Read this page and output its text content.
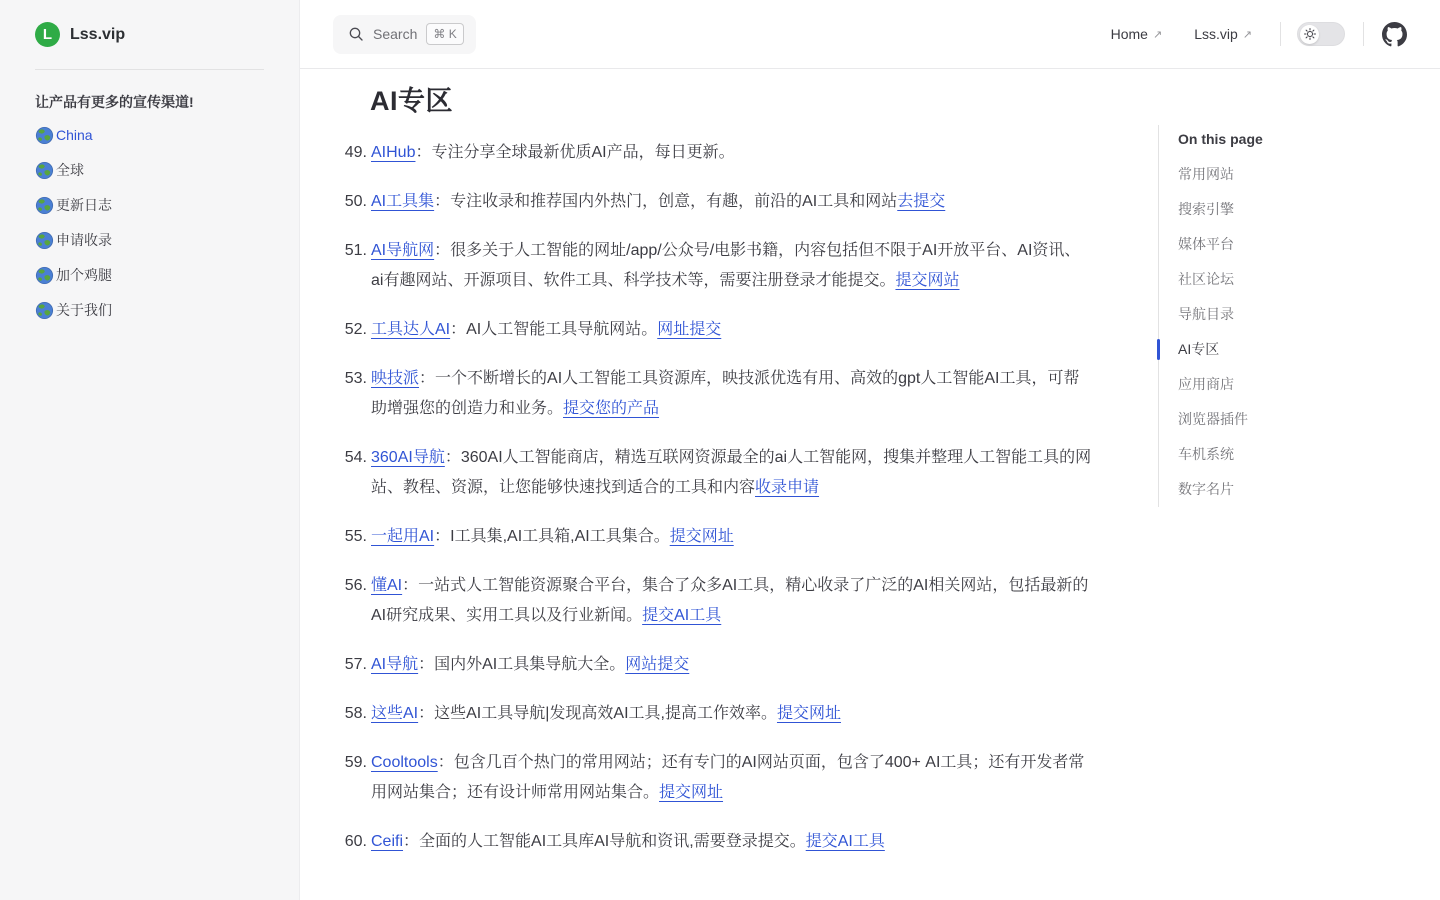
L	Lss.vip

让产品有更多的宣传渠道!

China
全球
更新日志
申请收录
加个鸡腿
关于我们
Search	⌘ K	Home ↗ Lss.vip ↗
AI专区
49. AIHub：专注分享全球最新优质AI产品，每日更新。
50. AI工具集：专注收录和推荐国内外热门，创意，有趣，前沿的AI工具和网站去提交
51. AI导航网：很多关于人工智能的网址/app/公众号/电影书籍，内容包括但不限于AI开放平台、AI资讯、ai有趣网站、开源项目、软件工具、科学技术等，需要注册登录才能提交。提交网站
52. 工具达人AI：AI人工智能工具导航网站。网址提交
53. 映技派：一个不断增长的AI人工智能工具资源库，映技派优选有用、高效的gpt人工智能AI工具，可帮助增强您的创造力和业务。提交您的产品
54. 360AI导航：360AI人工智能商店，精选互联网资源最全的ai人工智能网，搜集并整理人工智能工具的网站、教程、资源，让您能够快速找到适合的工具和内容收录申请
55. 一起用AI：I工具集,AI工具箱,AI工具集合。提交网址
56. 懂AI：一站式人工智能资源聚合平台，集合了众多AI工具，精心收录了广泛的AI相关网站，包括最新的AI研究成果、实用工具以及行业新闻。提交AI工具
57. AI导航：国内外AI工具集导航大全。网站提交
58. 这些AI：这些AI工具导航|发现高效AI工具,提高工作效率。提交网址
59. Cooltools：包含几百个热门的常用网站；还有专门的AI网站页面，包含了400+ AI工具；还有开发者常用网站集合；还有设计师常用网站集合。提交网址
60. Ceifi：全面的人工智能AI工具库AI导航和资讯,需要登录提交。提交AI工具
On this page
常用网站
搜索引擎
媒体平台
社区论坛
导航目录
AI专区
应用商店
浏览器插件
车机系统
数字名片
